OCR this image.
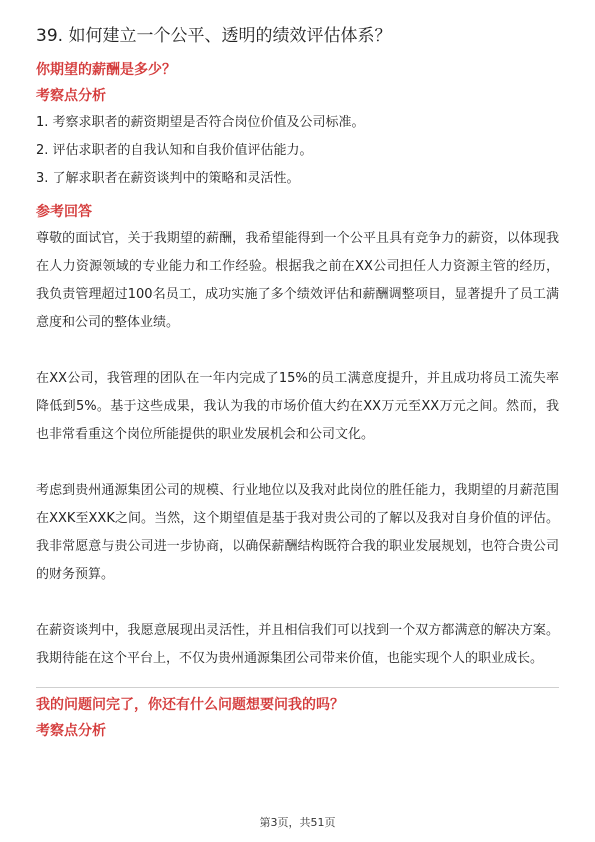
39. 如何建立一个公平、透明的绩效评估体系？
你期望的薪酬是多少？
考察点分析
1. 考察求职者的薪资期望是否符合岗位价值及公司标准。
2. 评估求职者的自我认知和自我价值评估能力。
3. 了解求职者在薪资谈判中的策略和灵活性。
参考回答

尊敬的面试官，关于我期望的薪酬，我希望能得到一个公平且具有竞争力的薪资，以体现我在人力资源领域的专业能力和工作经验。根据我之前在XX公司担任人力资源主管的经历，我负责管理超过100名员工，成功实施了多个绩效评估和薪酬调整项目，显著提升了员工满意度和公司的整体业绩。

在XX公司，我管理的团队在一年内完成了15%的员工满意度提升，并且成功将员工流失率降低到5%。基于这些成果，我认为我的市场价值大约在XX万元至XX万元之间。然而，我也非常看重这个岗位所能提供的职业发展机会和公司文化。

考虑到贵州通源集团公司的规模、行业地位以及我对此岗位的胜任能力，我期望的月薪范围在XXK至XXK之间。当然，这个期望值是基于我对贵公司的了解以及我对自身价值的评估。我非常愿意与贵公司进一步协商，以确保薪酬结构既符合我的职业发展规划，也符合贵公司的财务预算。

在薪资谈判中，我愿意展现出灵活性，并且相信我们可以找到一个双方都满意的解决方案。我期待能在这个平台上，不仅为贵州通源集团公司带来价值，也能实现个人的职业成长。

我的问题问完了，你还有什么问题想要问我的吗？
考察点分析
第3页，共51页
